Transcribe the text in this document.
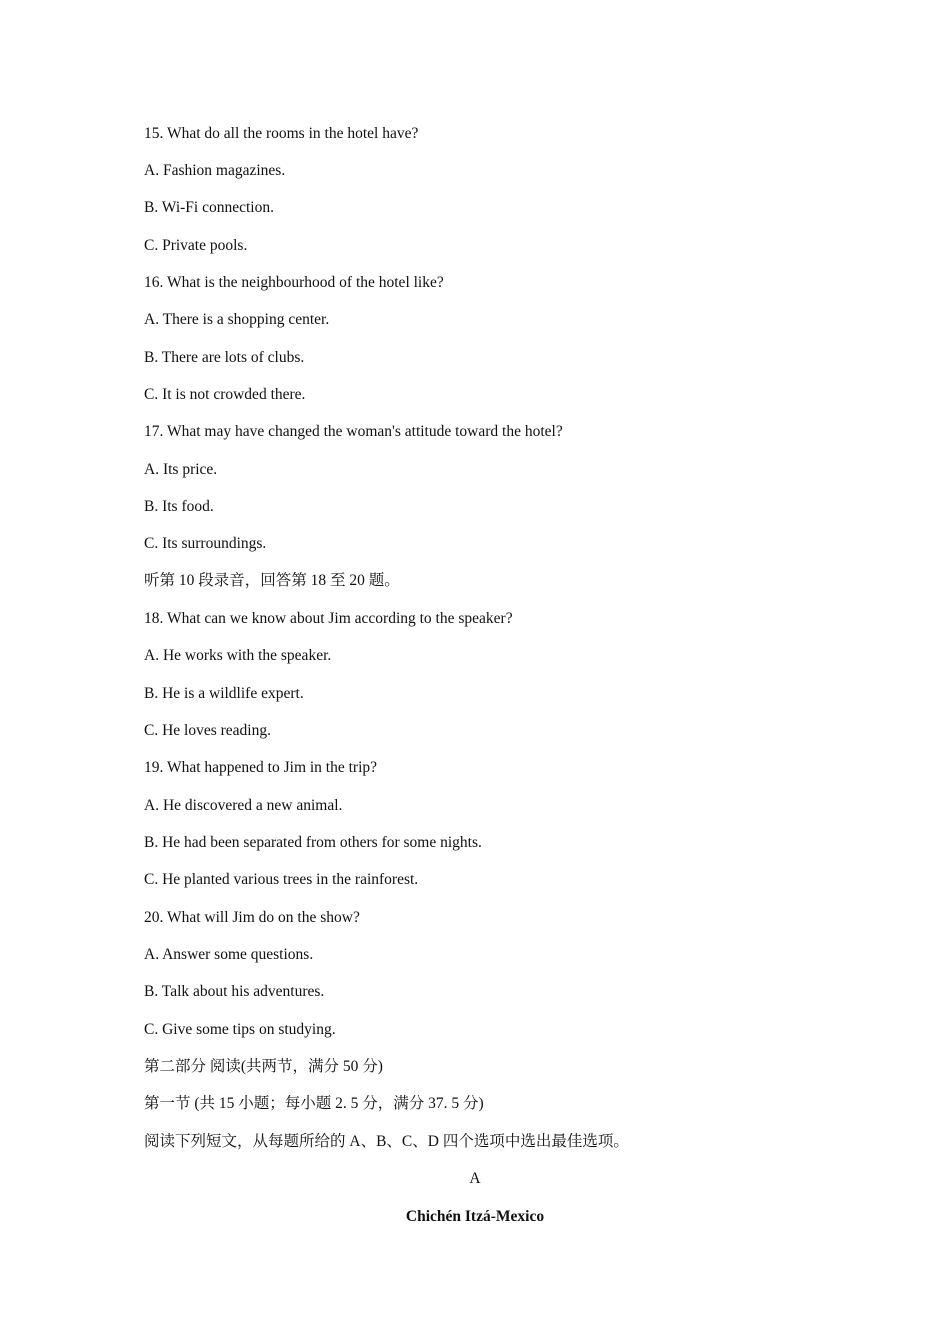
15. What do all the rooms in the hotel have?
A. Fashion magazines.
B. Wi-Fi connection.
C. Private pools.
16. What is the neighbourhood of the hotel like?
A. There is a shopping center.
B. There are lots of clubs.
C. It is not crowded there.
17. What may have changed the woman's attitude toward the hotel?
A. Its price.
B. Its food.
C. Its surroundings.
听第 10 段录音，回答第 18 至 20 题。
18. What can we know about Jim according to the speaker?
A. He works with the speaker.
B. He is a wildlife expert.
C. He loves reading.
19. What happened to Jim in the trip?
A. He discovered a new animal.
B. He had been separated from others for some nights.
C. He planted various trees in the rainforest.
20. What will Jim do on the show?
A. Answer some questions.
B. Talk about his adventures.
C. Give some tips on studying.
第二部分 阅读(共两节，满分 50 分)
第一节 (共 15 小题；每小题 2. 5 分，满分 37. 5 分)
阅读下列短文，从每题所给的 A、B、C、D 四个选项中选出最佳选项。
A
Chichén Itzá-Mexico
